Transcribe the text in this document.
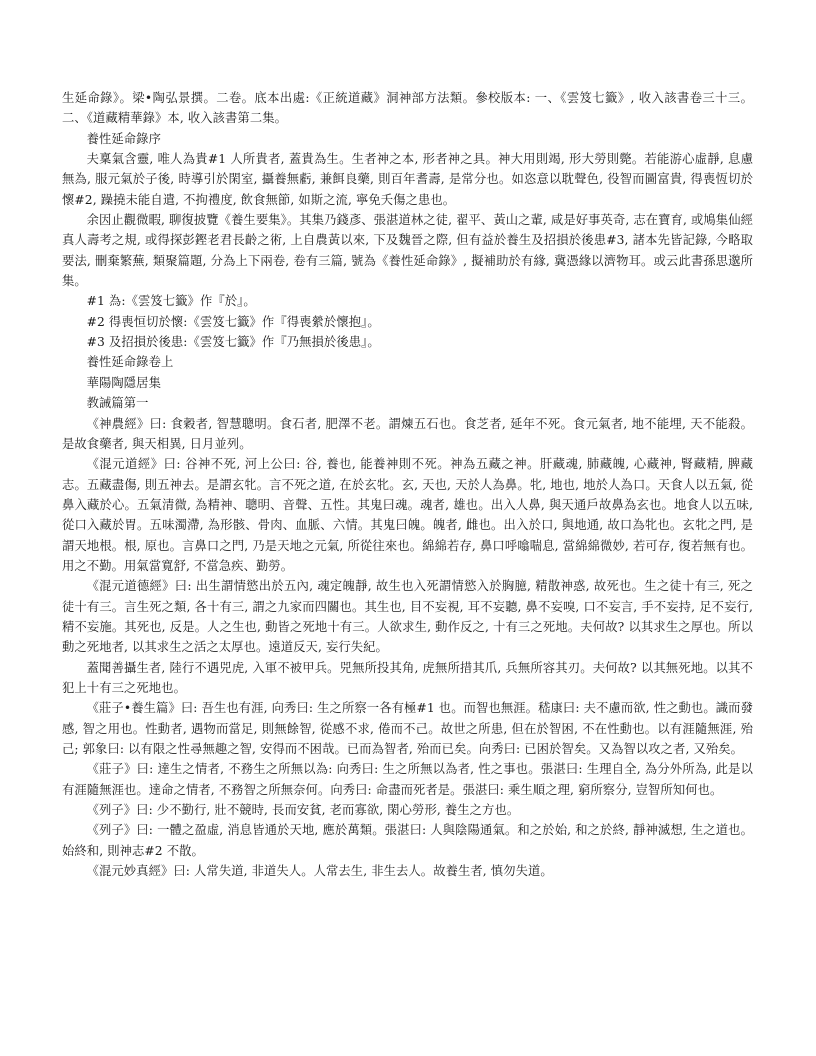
生延命錄》。梁•陶弘景撰。二卷。底本出處:《正統道藏》洞神部方法類。參校版本: 一、《雲笈七籤》, 收入該書卷三十三。二、《道藏精華錄》本, 收入該書第二集。

養性延命錄序

夫稟氣含靈, 唯人為貴#1 人所貴者, 蓋貴為生。生者神之本, 形者神之具。神大用則竭, 形大勞則斃。若能游心虛靜, 息慮無為, 服元氣於子後, 時導引於閑室, 攝養無虧, 兼餌良藥, 則百年耆壽, 是常分也。如恣意以耽聲色, 役智而圖富貴, 得喪恆切於懷#2, 躁撓未能自遣, 不拘禮度, 飲食無節, 如斯之流, 寧免夭傷之患也。

余因止觀微暇, 聊復披覽《養生要集》。其集乃錢彥、張湛道林之徒, 翟平、黃山之輩, 咸是好事英奇, 志在寶育, 或鳩集仙經真人壽考之規, 或得探彭鏗老君長齡之術, 上自農黃以來, 下及魏晉之際, 但有益於養生及招損於後患#3, 諸本先皆記錄, 今略取要法, 刪棄繁蕪, 類聚篇題, 分為上下兩卷, 卷有三篇, 號為《養性延命錄》, 擬補助於有緣, 冀憑緣以濟物耳。或云此書孫思邈所集。

#1 為:《雲笈七籤》作『於』。

#2 得喪恒切於懷:《雲笈七籤》作『得喪縈於懷抱』。

#3 及招損於後患:《雲笈七籤》作『乃無損於後患』。

養性延命錄卷上

華陽陶隱居集

教誡篇第一

《神農經》曰: 食穀者, 智慧聰明。食石者, 肥澤不老。謂煉五石也。食芝者, 延年不死。食元氣者, 地不能埋, 天不能殺。是故食藥者, 與天相異, 日月並列。

《混元道經》曰: 谷神不死, 河上公曰: 谷, 養也, 能養神則不死。神為五藏之神。肝藏魂, 肺藏魄, 心藏神, 腎藏精, 脾藏志。五藏盡傷, 則五神去。是謂玄牝。言不死之道, 在於玄牝。玄, 天也, 天於人為鼻。牝, 地也, 地於人為口。天食人以五氣, 從鼻入藏於心。五氣清微, 為精神、聰明、音聲、五性。其鬼曰魂。魂者, 雄也。出入人鼻, 與天通戶故鼻為玄也。地食人以五味, 從口入藏於胃。五味濁滯, 為形骸、骨肉、血脈、六情。其鬼曰魄。魄者, 雌也。出入於口, 與地通, 故口為牝也。玄牝之門, 是謂天地根。根, 原也。言鼻口之門, 乃是天地之元氣, 所從往來也。綿綿若存, 鼻口呼噏喘息, 當綿綿微妙, 若可存, 復若無有也。用之不勤。用氣當寬舒, 不當急疾、勤勞。

《混元道德經》曰: 出生謂情慾出於五內, 魂定魄靜, 故生也入死謂情慾入於胸臆, 精散神惑, 故死也。生之徒十有三, 死之徒十有三。言生死之類, 各十有三, 謂之九家而四關也。其生也, 目不妄視, 耳不妄聽, 鼻不妄嗅, 口不妄言, 手不妄持, 足不妄行, 精不妄施。其死也, 反是。人之生也, 動皆之死地十有三。人欲求生, 動作反之, 十有三之死地。夫何故? 以其求生之厚也。所以動之死地者, 以其求生之活之太厚也。遠道反天, 妄行失紀。

蓋聞善攝生者, 陸行不遇兕虎, 入軍不被甲兵。兕無所投其角, 虎無所措其爪, 兵無所容其刃。夫何故? 以其無死地。以其不犯上十有三之死地也。

《莊子•養生篇》曰: 吾生也有涯, 向秀曰: 生之所察一各有極#1 也。而智也無涯。嵇康曰: 夫不慮而欲, 性之動也。識而發感, 智之用也。性動者, 遇物而當足, 則無餘智, 從感不求, 倦而不己。故世之所患, 但在於智困, 不在性動也。以有涯隨無涯, 殆己; 郭象曰: 以有限之性尋無趣之智, 安得而不困哉。已而為智者, 殆而已矣。向秀曰: 已困於智矣。又為智以攻之者, 又殆矣。

《莊子》曰: 達生之情者, 不務生之所無以為: 向秀曰: 生之所無以為者, 性之事也。張湛曰: 生理自全, 為分外所為, 此是以有涯隨無涯也。達命之情者, 不務智之所無奈何。向秀曰: 命盡而死者是。張湛曰: 乘生順之理, 窮所察分, 豈智所知何也。

《列子》曰: 少不勤行, 壯不競時, 長而安貧, 老而寡欲, 閑心勞形, 養生之方也。

《列子》曰: 一體之盈虛, 消息皆通於天地, 應於萬類。張湛曰: 人與陰陽通氣。和之於始, 和之於終, 靜神滅想, 生之道也。始終和, 則神志#2 不散。

《混元妙真經》曰: 人常失道, 非道失人。人常去生, 非生去人。故養生者, 慎勿失道。
